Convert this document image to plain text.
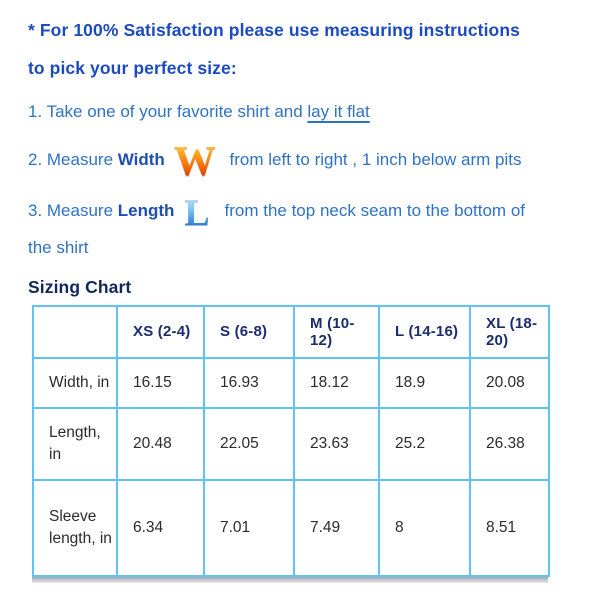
* For 100% Satisfaction please use measuring instructions
to pick your perfect size:

1. Take one of your favorite shirt and lay it flat

2. Measure Width W from left to right , 1 inch below arm pits

3. Measure Length L from the top neck seam to the bottom of
the shirt

Sizing Chart
	XS (2-4)	S (6-8)	M (10-12)	L (14-16)	XL (18-20)
Width, in	16.15	16.93	18.12	18.9	20.08
Length, in	20.48	22.05	23.63	25.2	26.38
Sleeve length, in	6.34	7.01	7.49	8	8.51
